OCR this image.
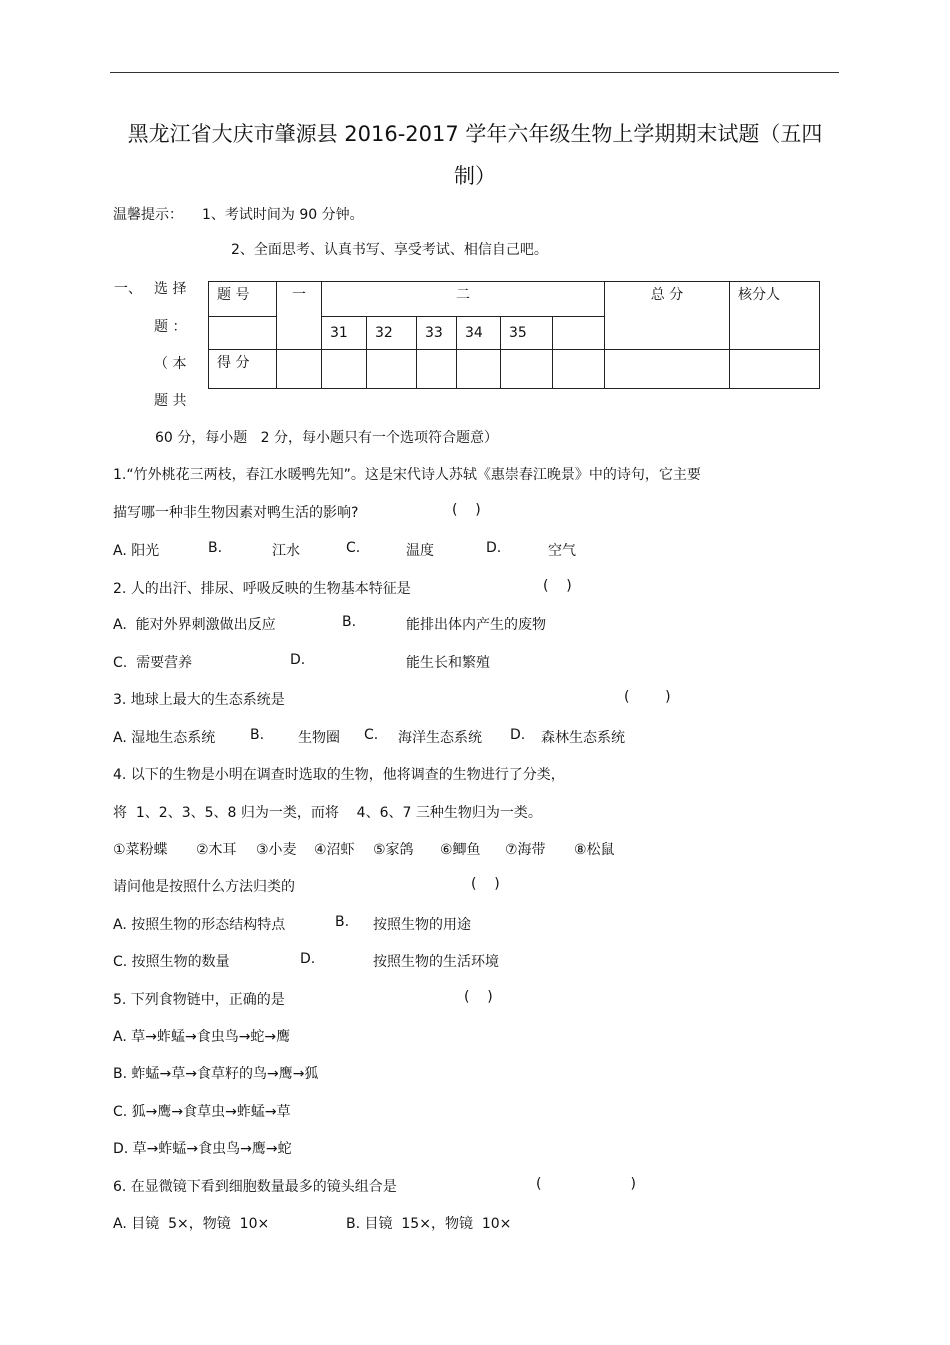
黑龙江省大庆市肇源县 2016-2017 学年六年级生物上学期期末试题（五四
制）
温馨提示： 1、考试时间为 90 分钟。
2、全面思考、认真书写、享受考试、相信自己吧。
一、 选 择
题 ：
（ 本
题 共
题 号	一	二						总 分	核分人
		31	32	33	34	35			
得 分									
60 分，每小题   2 分，每小题只有一个选项符合题意）
1.“竹外桃花三两枝，春江水暖鸭先知”。这是宋代诗人苏轼《惠崇春江晚景》中的诗句，它主要
描写哪一种非生物因素对鸭生活的影响?	(    )
A. 阳光	B.	江水	C.	温度	D.	空气
2. 人的出汗、排尿、呼吸反映的生物基本特征是	(    )
A.  能对外界刺激做出反应	B.	能排出体内产生的废物
C.  需要营养	D.	能生长和繁殖
3. 地球上最大的生态系统是	(        )
A. 湿地生态系统 B. 生物圈 C. 海洋生态系统 D. 森林生态系统
4. 以下的生物是小明在调查时选取的生物，他将调查的生物进行了分类，
将  1、2、3、5、8 归为一类，而将    4、6、7 三种生物归为一类。
①菜粉蝶 ②木耳 ③小麦 ④沼虾 ⑤家鸽 ⑥鲫鱼 ⑦海带 ⑧松鼠
请问他是按照什么方法归类的	(    )
A. 按照生物的形态结构特点	B. 按照生物的用途
C. 按照生物的数量	D.	按照生物的生活环境
5. 下列食物链中，正确的是	(    )
A. 草→蚱蜢→食虫鸟→蛇→鹰
B. 蚱蜢→草→食草籽的鸟→鹰→狐
C. 狐→鹰→食草虫→蚱蜢→草
D. 草→蚱蜢→食虫鸟→鹰→蛇
6. 在显微镜下看到细胞数量最多的镜头组合是	(                    )
A. 目镜  5×，物镜  10×	B. 目镜  15×，物镜  10×
